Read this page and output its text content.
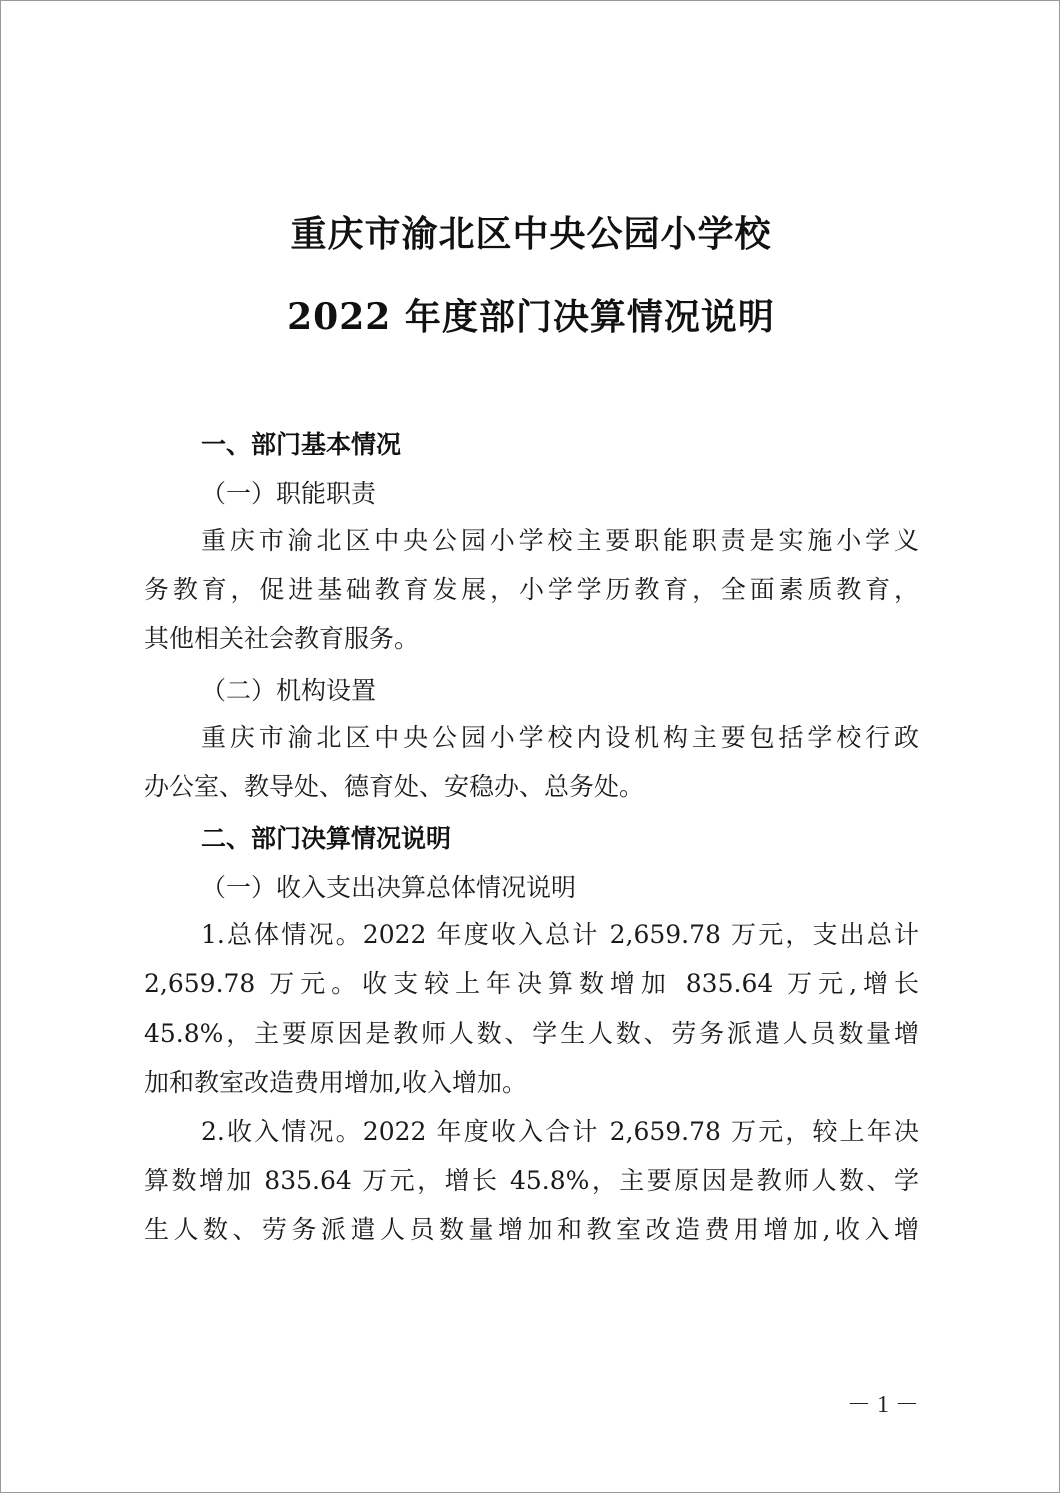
重庆市渝北区中央公园小学校
2022 年度部门决算情况说明
一、部门基本情况
（一）职能职责
重庆市渝北区中央公园小学校主要职能职责是实施小学义
务教育，促进基础教育发展，小学学历教育，全面素质教育，
其他相关社会教育服务。
（二）机构设置
重庆市渝北区中央公园小学校内设机构主要包括学校行政
办公室、教导处、德育处、安稳办、总务处。
二、部门决算情况说明
（一）收入支出决算总体情况说明
1.总体情况。2022 年度收入总计 2,659.78 万元，支出总计
2,659.78 万元。收支较上年决算数增加 835.64 万元,增长
45.8%，主要原因是教师人数、学生人数、劳务派遣人员数量增
加和教室改造费用增加,收入增加。
2.收入情况。2022 年度收入合计 2,659.78 万元，较上年决
算数增加 835.64 万元，增长 45.8%，主要原因是教师人数、学
生人数、劳务派遣人员数量增加和教室改造费用增加,收入增
－ 1 －
